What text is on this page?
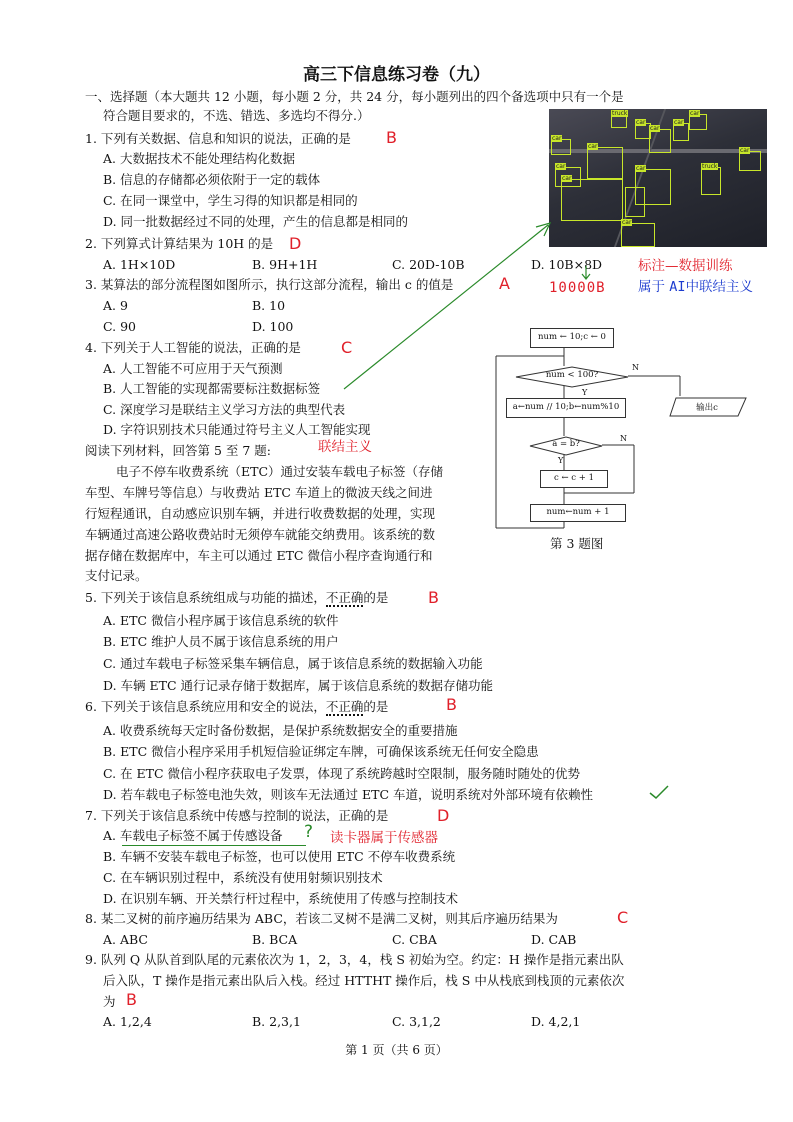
高三下信息练习卷（九）
一、选择题（本大题共 12 小题，每小题 2 分，共 24 分，每小题列出的四个备选项中只有一个是
符合题目要求的，不选、错选、多选均不得分.）
1. 下列有关数据、信息和知识的说法，正确的是 B
A. 大数据技术不能处理结构化数据
B. 信息的存储都必须依附于一定的载体
C. 在同一课堂中，学生习得的知识都是相同的
D. 同一批数据经过不同的处理，产生的信息都是相同的
2. 下列算式计算结果为 10H 的是 D
A. 1H×10D	B. 9H+1H	C. 20D-10B	D. 10B×8D
3. 某算法的部分流程图如图所示，执行这部分流程，输出 c 的值是	A
A. 9	B. 10
C. 90	D. 100
4. 下列关于人工智能的说法，正确的是	C
A. 人工智能不可应用于天气预测
B. 人工智能的实现都需要标注数据标签
C. 深度学习是联结主义学习方法的典型代表
D. 字符识别技术只能通过符号主义人工智能实现
阅读下列材料，回答第 5 至 7 题:	联结主义
电子不停车收费系统（ETC）通过安装车载电子标签（存储
车型、车牌号等信息）与收费站 ETC 车道上的微波天线之间进
行短程通讯，自动感应识别车辆，并进行收费数据的处理，实现
车辆通过高速公路收费站时无须停车就能交纳费用。该系统的数
据存储在数据库中，车主可以通过 ETC 微信小程序查询通行和
支付记录。
5. 下列关于该信息系统组成与功能的描述，不正确的是 B
A. ETC 微信小程序属于该信息系统的软件
B. ETC 维护人员不属于该信息系统的用户
C. 通过车载电子标签采集车辆信息，属于该信息系统的数据输入功能
D. 车辆 ETC 通行记录存储于数据库，属于该信息系统的数据存储功能
6. 下列关于该信息系统应用和安全的说法，不正确的是	B
A. 收费系统每天定时备份数据，是保护系统数据安全的重要措施
B. ETC 微信小程序采用手机短信验证绑定车牌，可确保该系统无任何安全隐患
C. 在 ETC 微信小程序获取电子发票，体现了系统跨越时空限制，服务随时随处的优势
D. 若车载电子标签电池失效，则该车无法通过 ETC 车道，说明系统对外部环境有依赖性
7. 下列关于该信息系统中传感与控制的说法，正确的是	D
A. 车载电子标签不属于传感设备 ? 读卡器属于传感器
B. 车辆不安装车载电子标签，也可以使用 ETC 不停车收费系统
C. 在车辆识别过程中，系统没有使用射频识别技术
D. 在识别车辆、开关禁行杆过程中，系统使用了传感与控制技术
8. 某二叉树的前序遍历结果为 ABC，若该二叉树不是满二叉树，则其后序遍历结果为	C
A. ABC	B. BCA	C. CBA	D. CAB
9. 队列 Q 从队首到队尾的元素依次为 1，2，3，4，栈 S 初始为空。约定：H 操作是指元素出队
后入队，T 操作是指元素出队后入栈。经过 HTTHT 操作后，栈 S 中从栈底到栈顶的元素依次
为 B
A. 1,2,4	B. 2,3,1	C. 3,1,2	D. 4,2,1
truck
car
car
car
car
car
car
car
truck
car
car
car
car
标注—数据训练
属于 AI中联结主义
10000B
num ← 10;c ← 0
num < 100?
N
Y
a←num // 10;b←num%10	输出c
a = b?
N
Y
c ← c + 1
num←num + 1
第 3 题图
第 1 页（共 6 页）
